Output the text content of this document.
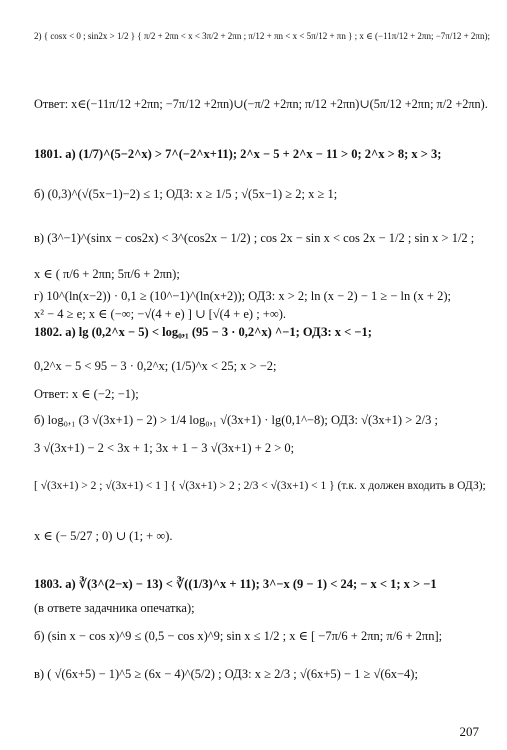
2) { cosx < 0 ; sin2x > 1/2 } { π/2 + 2πn < x < 3π/2 + 2πn ; π/12 + πn < x < 5π/12 + πn } ; x ∈ (−11π/12 + 2πn; −7π/12 + 2πn);
Ответ: x∈(−11π/12 +2πn; −7π/12 +2πn)∪(−π/2 +2πn; π/12 +2πn)∪(5π/12 +2πn; π/2 +2πn).
1801. а) (1/7)^(5−2^x) > 7^(−2^x+11); 2^x − 5 + 2^x − 11 > 0; 2^x > 8; x > 3;
б) (0,3)^(√(5x−1)−2) ≤ 1; ОДЗ: x ≥ 1/5 ; √(5x−1) ≥ 2; x ≥ 1;
в) (3^−1)^(sinx − cos2x) < 3^(cos2x − 1/2) ; cos 2x − sin x < cos 2x − 1/2 ; sin x > 1/2 ;
x ∈ ( π/6 + 2πn; 5π/6 + 2πn);
г) 10^(ln(x−2)) · 0,1 ≥ (10^−1)^(ln(x+2)); ОДЗ: x > 2; ln (x − 2) − 1 ≥ − ln (x + 2);
x² − 4 ≥ e; x ∈ (−∞; −√(4 + e) ] ∪ [√(4 + e) ; +∞).
1802. а) lg (0,2^x − 5) < log₀,₁ (95 − 3 · 0,2^x) ^−1; ОДЗ: x < −1;
0,2^x − 5 < 95 − 3 · 0,2^x; (1/5)^x < 25; x > −2;
Ответ: x ∈ (−2; −1);
б) log₀,₁ (3 √(3x+1) − 2) > 1/4 log₀,₁ √(3x+1) · lg(0,1^−8); ОДЗ: √(3x+1) > 2/3 ;
3 √(3x+1) − 2 < 3x + 1; 3x + 1 − 3 √(3x+1) + 2 > 0;
[ √(3x+1) > 2 ; √(3x+1) < 1 ] { √(3x+1) > 2 ; 2/3 < √(3x+1) < 1 } (т.к. x должен входить в ОДЗ);
x ∈ (− 5/27 ; 0) ∪ (1; + ∞).
1803. а) ∛(3^(2−x) − 13) < ∛((1/3)^x + 11); 3^−x (9 − 1) < 24; − x < 1; x > −1
(в ответе задачника опечатка);
б) (sin x − cos x)^9 ≤ (0,5 − cos x)^9; sin x ≤ 1/2 ; x ∈ [ −7π/6 + 2πn; π/6 + 2πn];
в) ( √(6x+5) − 1)^5 ≥ (6x − 4)^(5/2) ; ОДЗ: x ≥ 2/3 ; √(6x+5) − 1 ≥ √(6x−4);
207
